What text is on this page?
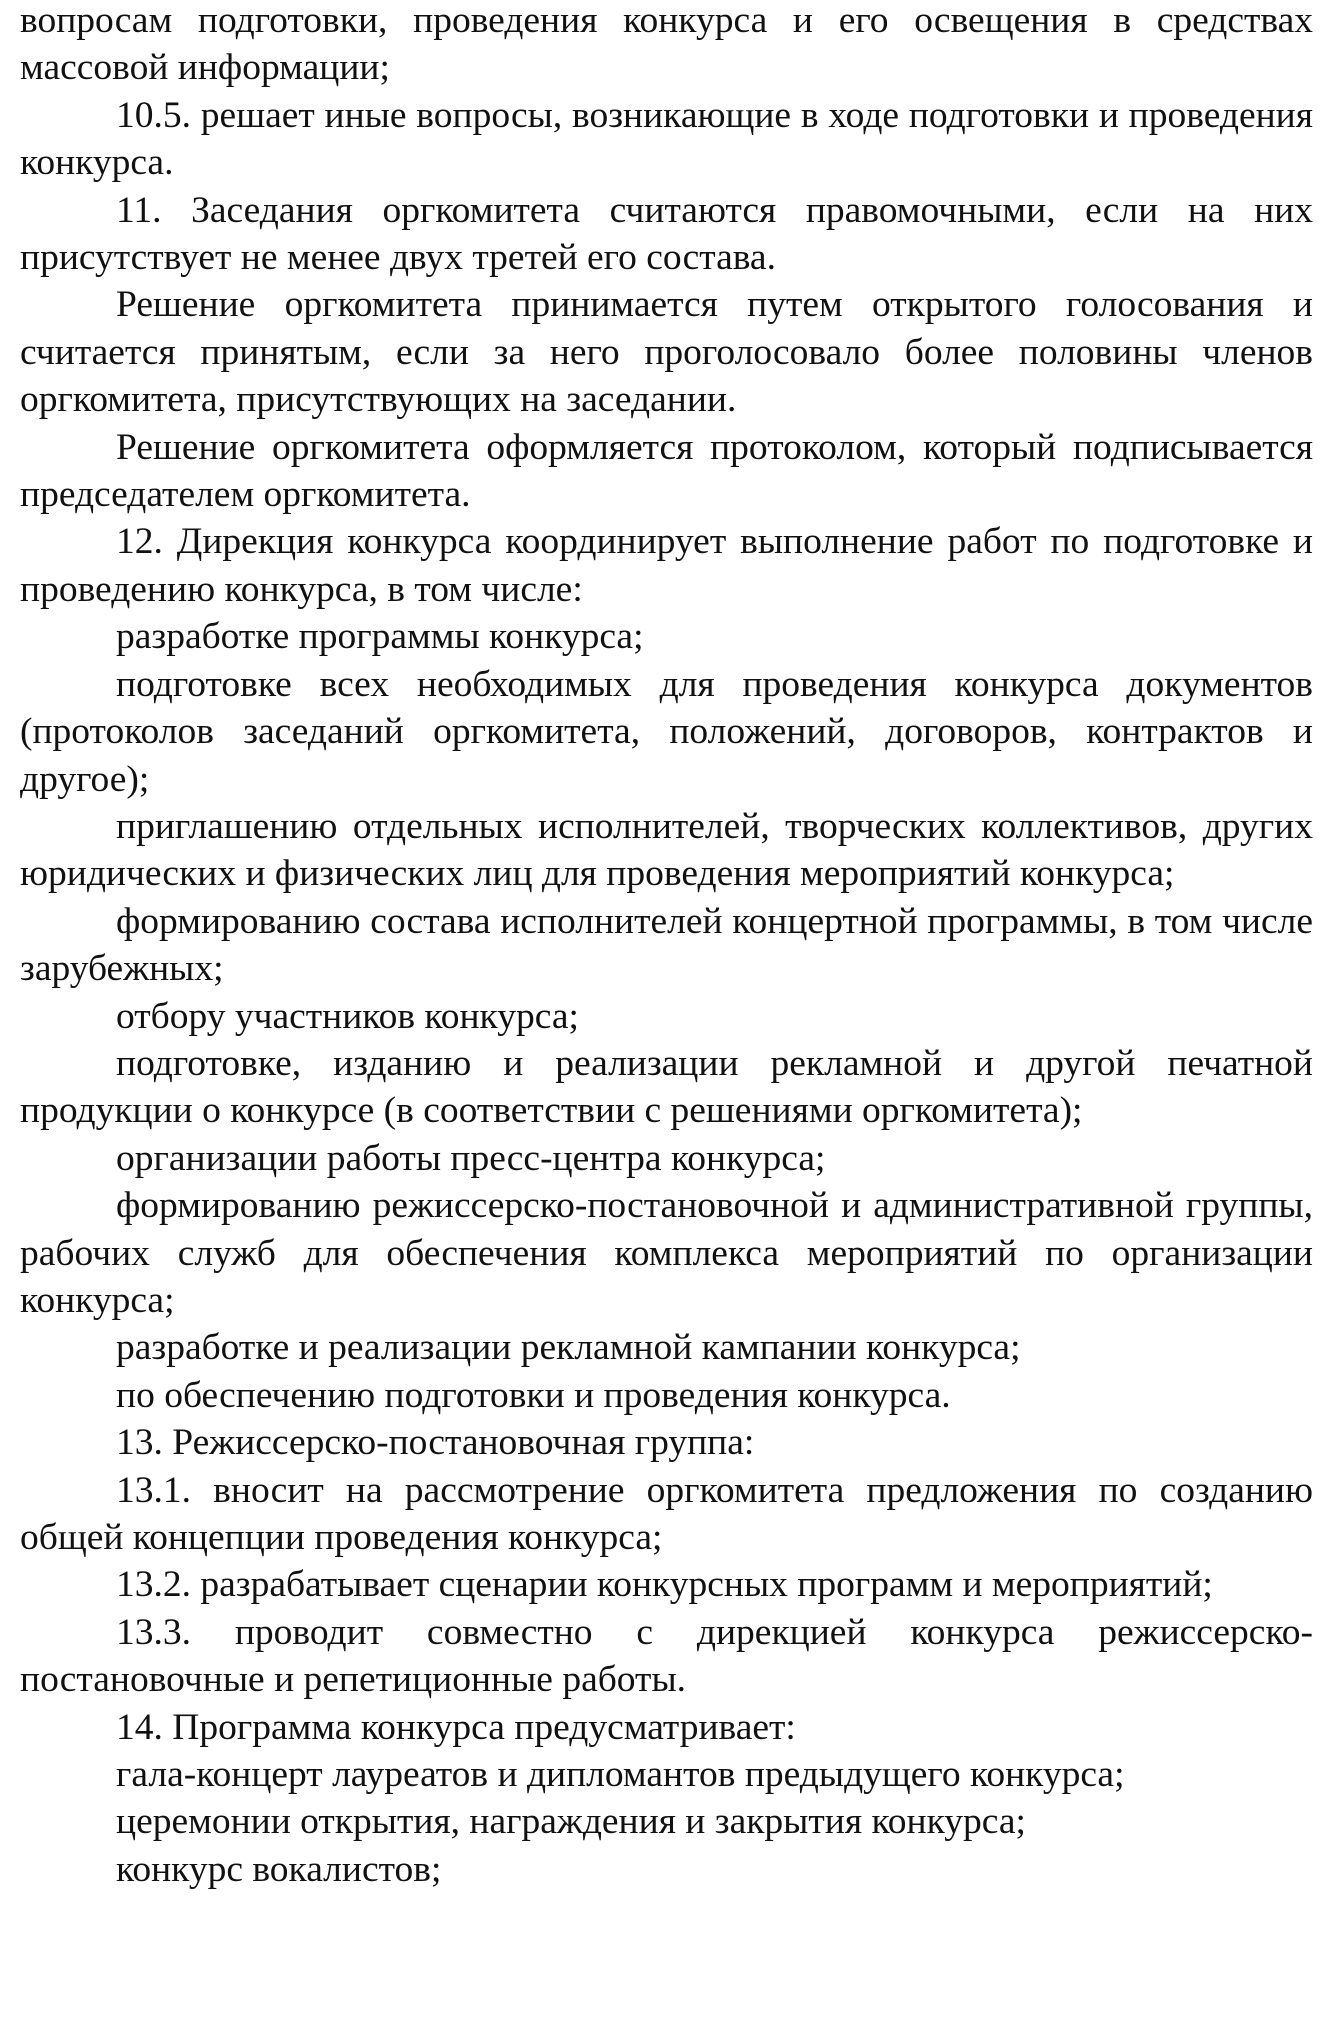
вопросам подготовки, проведения конкурса и его освещения в средствах массовой информации;

10.5. решает иные вопросы, возникающие в ходе подготовки и проведения конкурса.

11. Заседания оргкомитета считаются правомочными, если на них присутствует не менее двух третей его состава.

Решение оргкомитета принимается путем открытого голосования и считается принятым, если за него проголосовало более половины членов оргкомитета, присутствующих на заседании.

Решение оргкомитета оформляется протоколом, который подписывается председателем оргкомитета.

12. Дирекция конкурса координирует выполнение работ по подготовке и проведению конкурса, в том числе:

разработке программы конкурса;

подготовке всех необходимых для проведения конкурса документов (протоколов заседаний оргкомитета, положений, договоров, контрактов и другое);

приглашению отдельных исполнителей, творческих коллективов, других юридических и физических лиц для проведения мероприятий конкурса;

формированию состава исполнителей концертной программы, в том числе зарубежных;

отбору участников конкурса;

подготовке, изданию и реализации рекламной и другой печатной продукции о конкурсе (в соответствии с решениями оргкомитета);

организации работы пресс-центра конкурса;

формированию режиссерско-постановочной и административной группы, рабочих служб для обеспечения комплекса мероприятий по организации конкурса;

разработке и реализации рекламной кампании конкурса;

по обеспечению подготовки и проведения конкурса.

13. Режиссерско-постановочная группа:

13.1. вносит на рассмотрение оргкомитета предложения по созданию общей концепции проведения конкурса;

13.2. разрабатывает сценарии конкурсных программ и мероприятий;

13.3. проводит совместно с дирекцией конкурса режиссерско-постановочные и репетиционные работы.

14. Программа конкурса предусматривает:

гала-концерт лауреатов и дипломантов предыдущего конкурса;

церемонии открытия, награждения и закрытия конкурса;

конкурс вокалистов;
